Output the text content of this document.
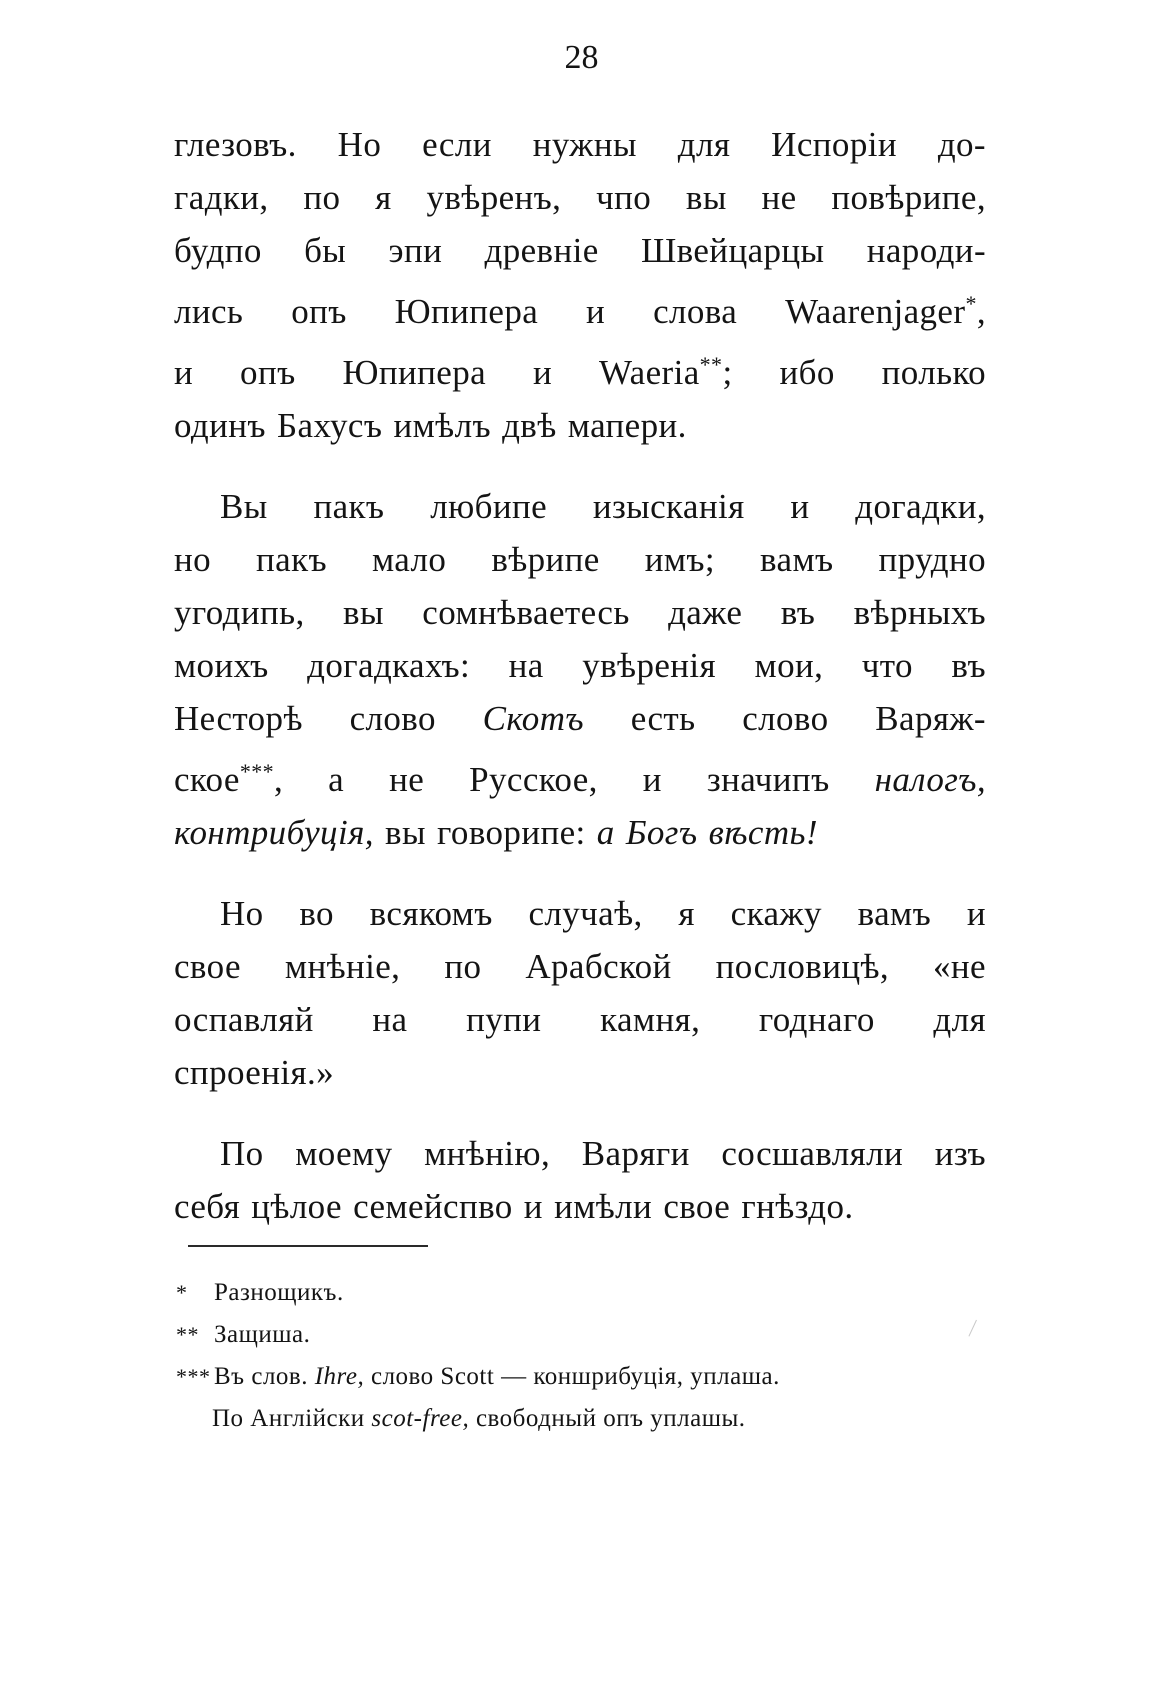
28

глезовъ. Но если нужны для Испоріи до-
гадки, по я увѣренъ, чпо вы не повѣрипе,
будпо бы эпи древніе Швейцарцы народи-
лись опъ Юпипера и слова Waarenjager*,
и опъ Юпипера и Waeria**; ибо полько
одинъ Бахусъ имѣлъ двѣ мапери.

Вы пакъ любипе изысканія и догадки,
но пакъ мало вѣрипе имъ; вамъ прудно
угодипь, вы сомнѣваетесь даже въ вѣрныхъ
моихъ догадкахъ: на увѣренія мои, что въ
Несторѣ слово Скотъ есть слово Варяж-
ское***, а не Русское, и значипъ налогъ,
контрибуція, вы говорипе: а Богъ вѣсть!

Но во всякомъ случаѣ, я скажу вамъ и
свое мнѣніе, по Арабской пословицѣ, «не
оспавляй на пупи камня, годнаго для
спроенія.»

По моему мнѣнію, Варяги сосшавляли изъ
себя цѣлое семейспво и имѣли свое гнѣздо.

* Разнощикъ.
** Защиша.
*** Въ слов. Ihre, слово Scott — коншрибуція, уплаша.
По Англійски scot-free, свободный опъ уплашы.
